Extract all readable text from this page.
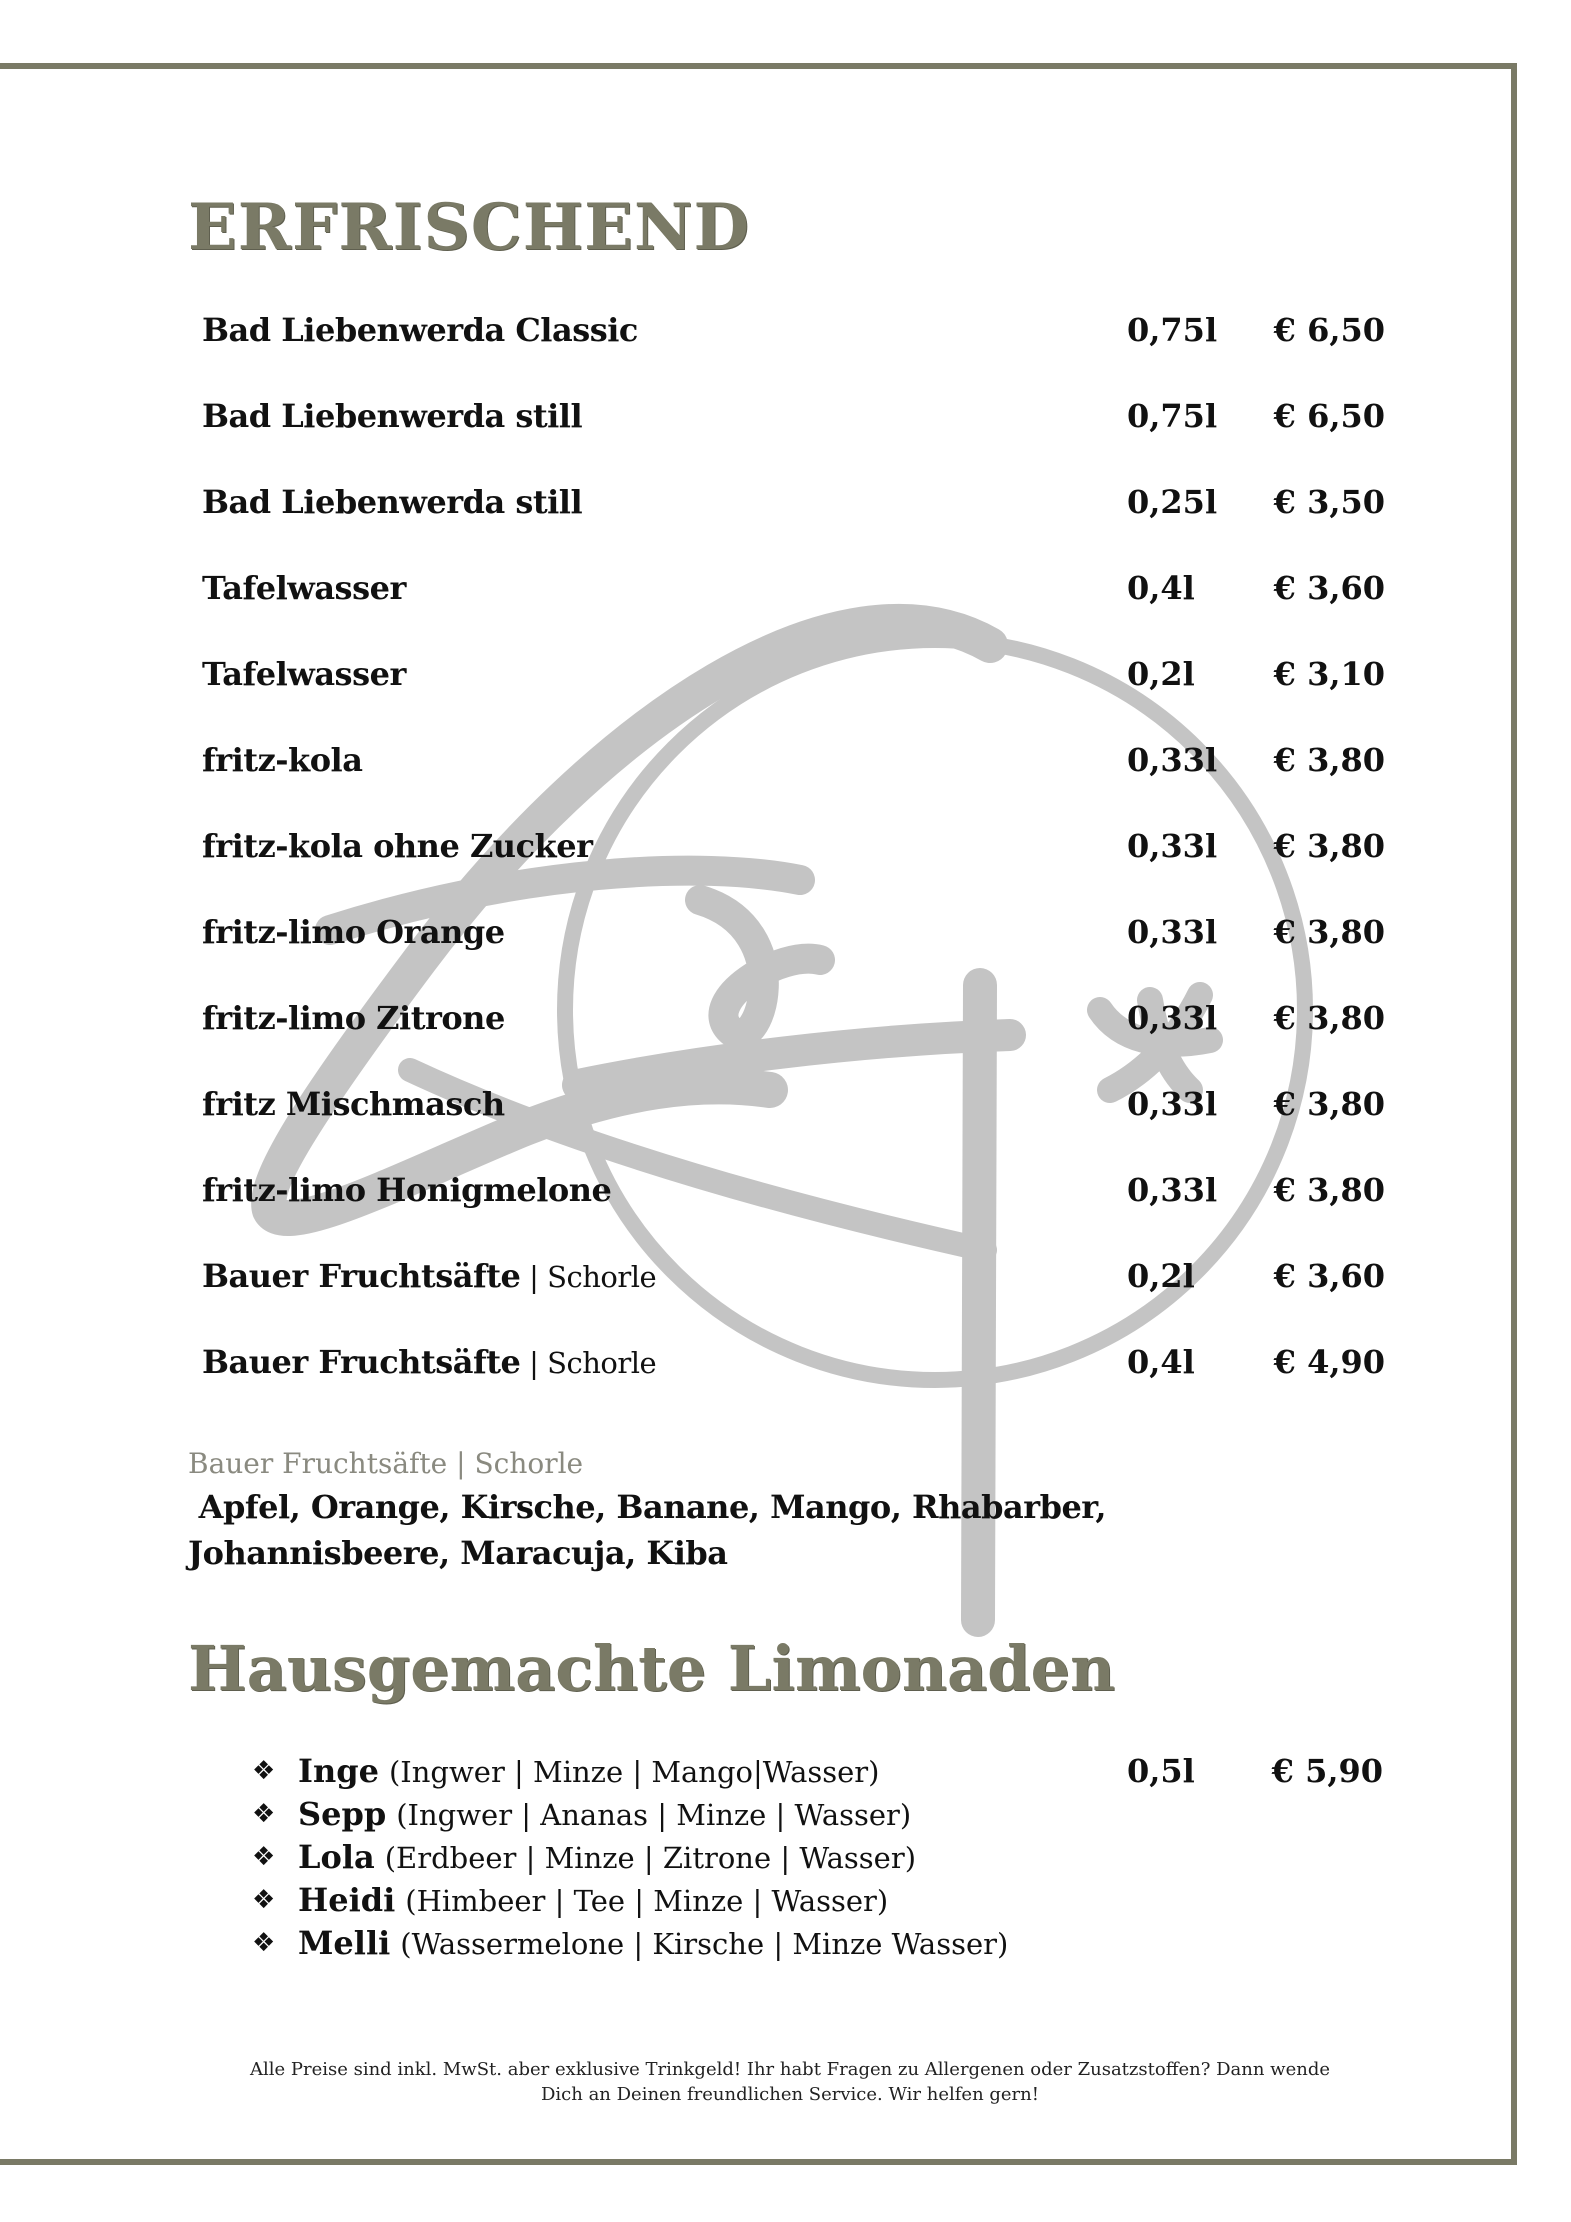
ERFRISCHEND
Bad Liebenwerda Classic	0,75l	€ 6,50
Bad Liebenwerda still	0,75l	€ 6,50
Bad Liebenwerda still	0,25l	€ 3,50
Tafelwasser	0,4l	€ 3,60
Tafelwasser	0,2l	€ 3,10
fritz-kola	0,33l	€ 3,80
fritz-kola ohne Zucker	0,33l	€ 3,80
fritz-limo Orange	0,33l	€ 3,80
fritz-limo Zitrone	0,33l	€ 3,80
fritz Mischmasch	0,33l	€ 3,80
fritz-limo Honigmelone	0,33l	€ 3,80
Bauer Fruchtsäfte | Schorle	0,2l	€ 3,60
Bauer Fruchtsäfte | Schorle	0,4l	€ 4,90
Bauer Fruchtsäfte | Schorle
Apfel, Orange, Kirsche, Banane, Mango, Rhabarber,
Johannisbeere, Maracuja, Kiba
Hausgemachte Limonaden
❖ Inge (Ingwer | Minze | Mango|Wasser)	0,5l	€ 5,90
❖ Sepp (Ingwer | Ananas | Minze | Wasser)
❖ Lola (Erdbeer | Minze | Zitrone | Wasser)
❖ Heidi (Himbeer | Tee | Minze | Wasser)
❖ Melli (Wassermelone | Kirsche | Minze Wasser)
Alle Preise sind inkl. MwSt. aber exklusive Trinkgeld! Ihr habt Fragen zu Allergenen oder Zusatzstoffen? Dann wende
Dich an Deinen freundlichen Service. Wir helfen gern!
